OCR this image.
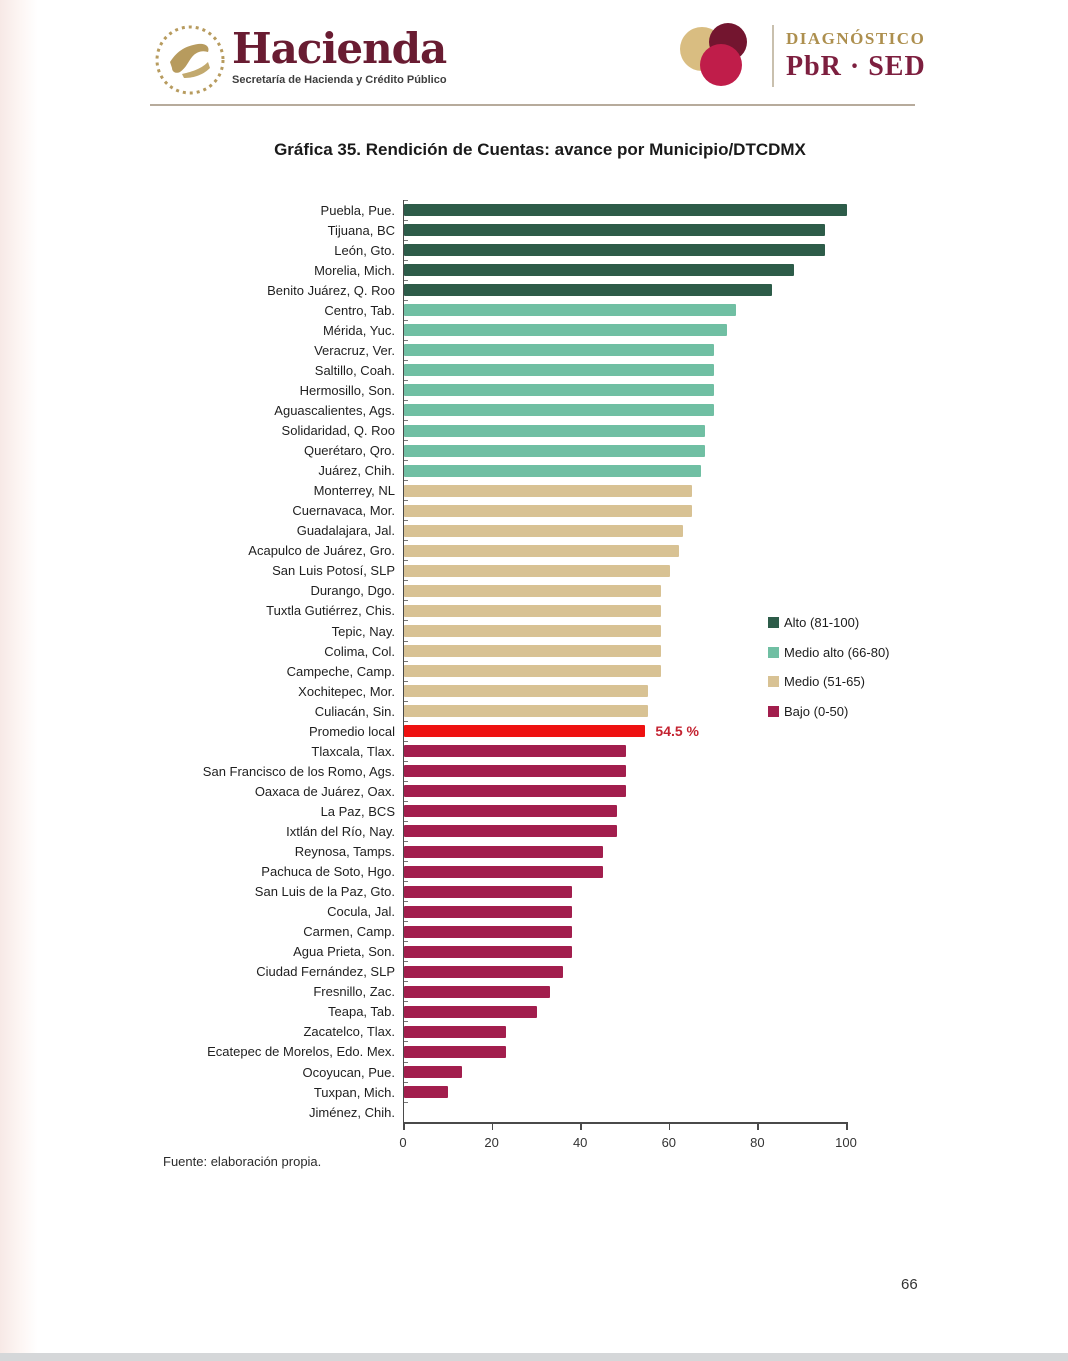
Hacienda
Secretaría de Hacienda y Crédito Público
DIAGNÓSTICO
PbR · SED
Gráfica 35. Rendición de Cuentas: avance por Municipio/DTCDMX
Puebla, Pue.
Tijuana, BC
León, Gto.
Morelia, Mich.
Benito Juárez, Q. Roo
Centro, Tab.
Mérida, Yuc.
Veracruz, Ver.
Saltillo, Coah.
Hermosillo, Son.
Aguascalientes, Ags.
Solidaridad, Q. Roo
Querétaro, Qro.
Juárez, Chih.
Monterrey, NL
Cuernavaca, Mor.
Guadalajara, Jal.
Acapulco de Juárez, Gro.
San Luis Potosí, SLP
Durango, Dgo.
Tuxtla Gutiérrez, Chis.
Tepic, Nay.
Colima, Col.
Campeche, Camp.
Xochitepec, Mor.
Culiacán, Sin.
Promedio local	54.5 %
Tlaxcala, Tlax.
San Francisco de los Romo, Ags.
Oaxaca de Juárez, Oax.
La Paz, BCS
Ixtlán del Río, Nay.
Reynosa, Tamps.
Pachuca de Soto, Hgo.
San Luis de la Paz, Gto.
Cocula, Jal.
Carmen, Camp.
Agua Prieta, Son.
Ciudad Fernández, SLP
Fresnillo, Zac.
Teapa, Tab.
Zacatelco, Tlax.
Ecatepec de Morelos, Edo. Mex.
Ocoyucan, Pue.
Tuxpan, Mich.
Jiménez, Chih.
0	20	40	60	80	100
Alto (81-100)
Medio alto (66-80)
Medio (51-65)
Bajo (0-50)
Fuente: elaboración propia.
66
